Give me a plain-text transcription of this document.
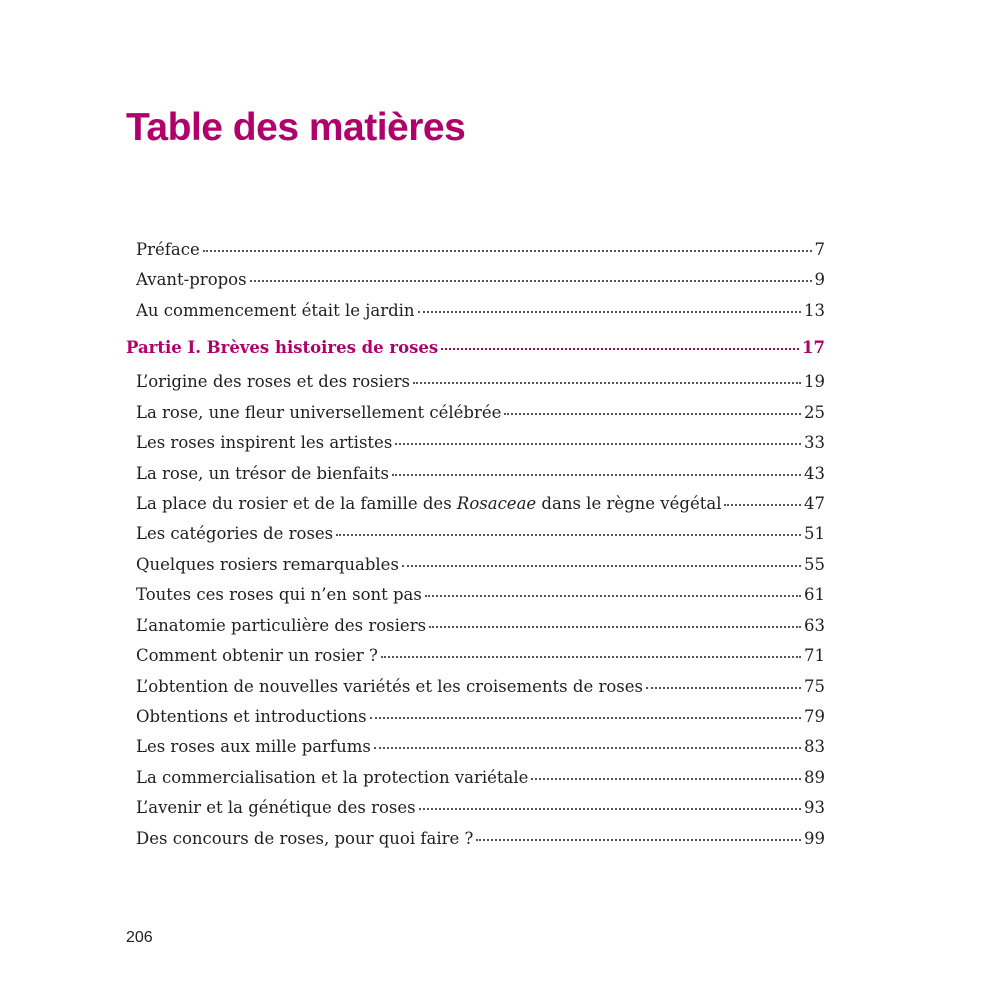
Table des matières
Préface	7
Avant-propos	9
Au commencement était le jardin	13
Partie I. Brèves histoires de roses	17
L’origine des roses et des rosiers	19
La rose, une fleur universellement célébrée	25
Les roses inspirent les artistes	33
La rose, un trésor de bienfaits	43
La place du rosier et de la famille des Rosaceae dans le règne végétal	47
Les catégories de roses	51
Quelques rosiers remarquables	55
Toutes ces roses qui n’en sont pas	61
L’anatomie particulière des rosiers	63
Comment obtenir un rosier ?	71
L’obtention de nouvelles variétés et les croisements de roses	75
Obtentions et introductions	79
Les roses aux mille parfums	83
La commercialisation et la protection variétale	89
L’avenir et la génétique des roses	93
Des concours de roses, pour quoi faire ?	99
206
